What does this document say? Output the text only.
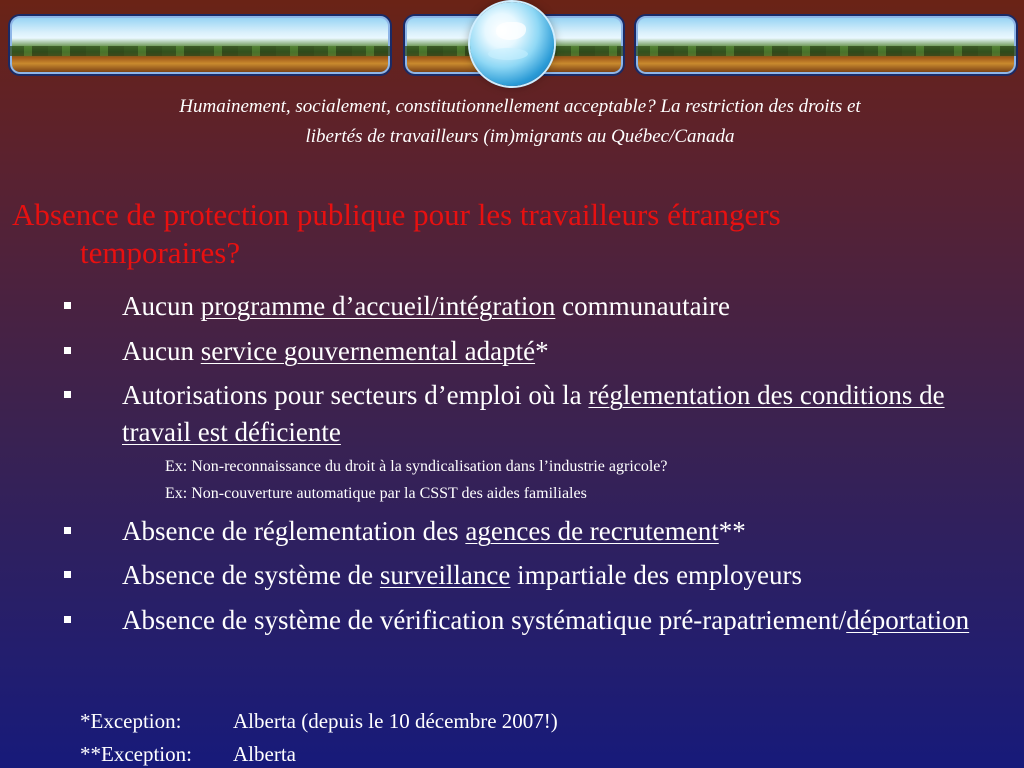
Humainement, socialement, constitutionnellement acceptable? La restriction des droits et
libertés de travailleurs (im)migrants au Québec/Canada
Absence de protection publique pour les travailleurs étrangers
temporaires?
Aucun programme d’accueil/intégration communautaire
Aucun service gouvernemental adapté*
Autorisations pour secteurs d’emploi où la réglementation des conditions de travail est déficiente
Ex: Non-reconnaissance du droit à la syndicalisation dans l’industrie agricole?
Ex: Non-couverture automatique par la CSST des aides familiales
Absence de réglementation des agences de recrutement**
Absence de système de surveillance impartiale des employeurs
Absence de système de vérification systématique pré-rapatriement/déportation
*Exception: Alberta (depuis le 10 décembre 2007!)
**Exception: Alberta
